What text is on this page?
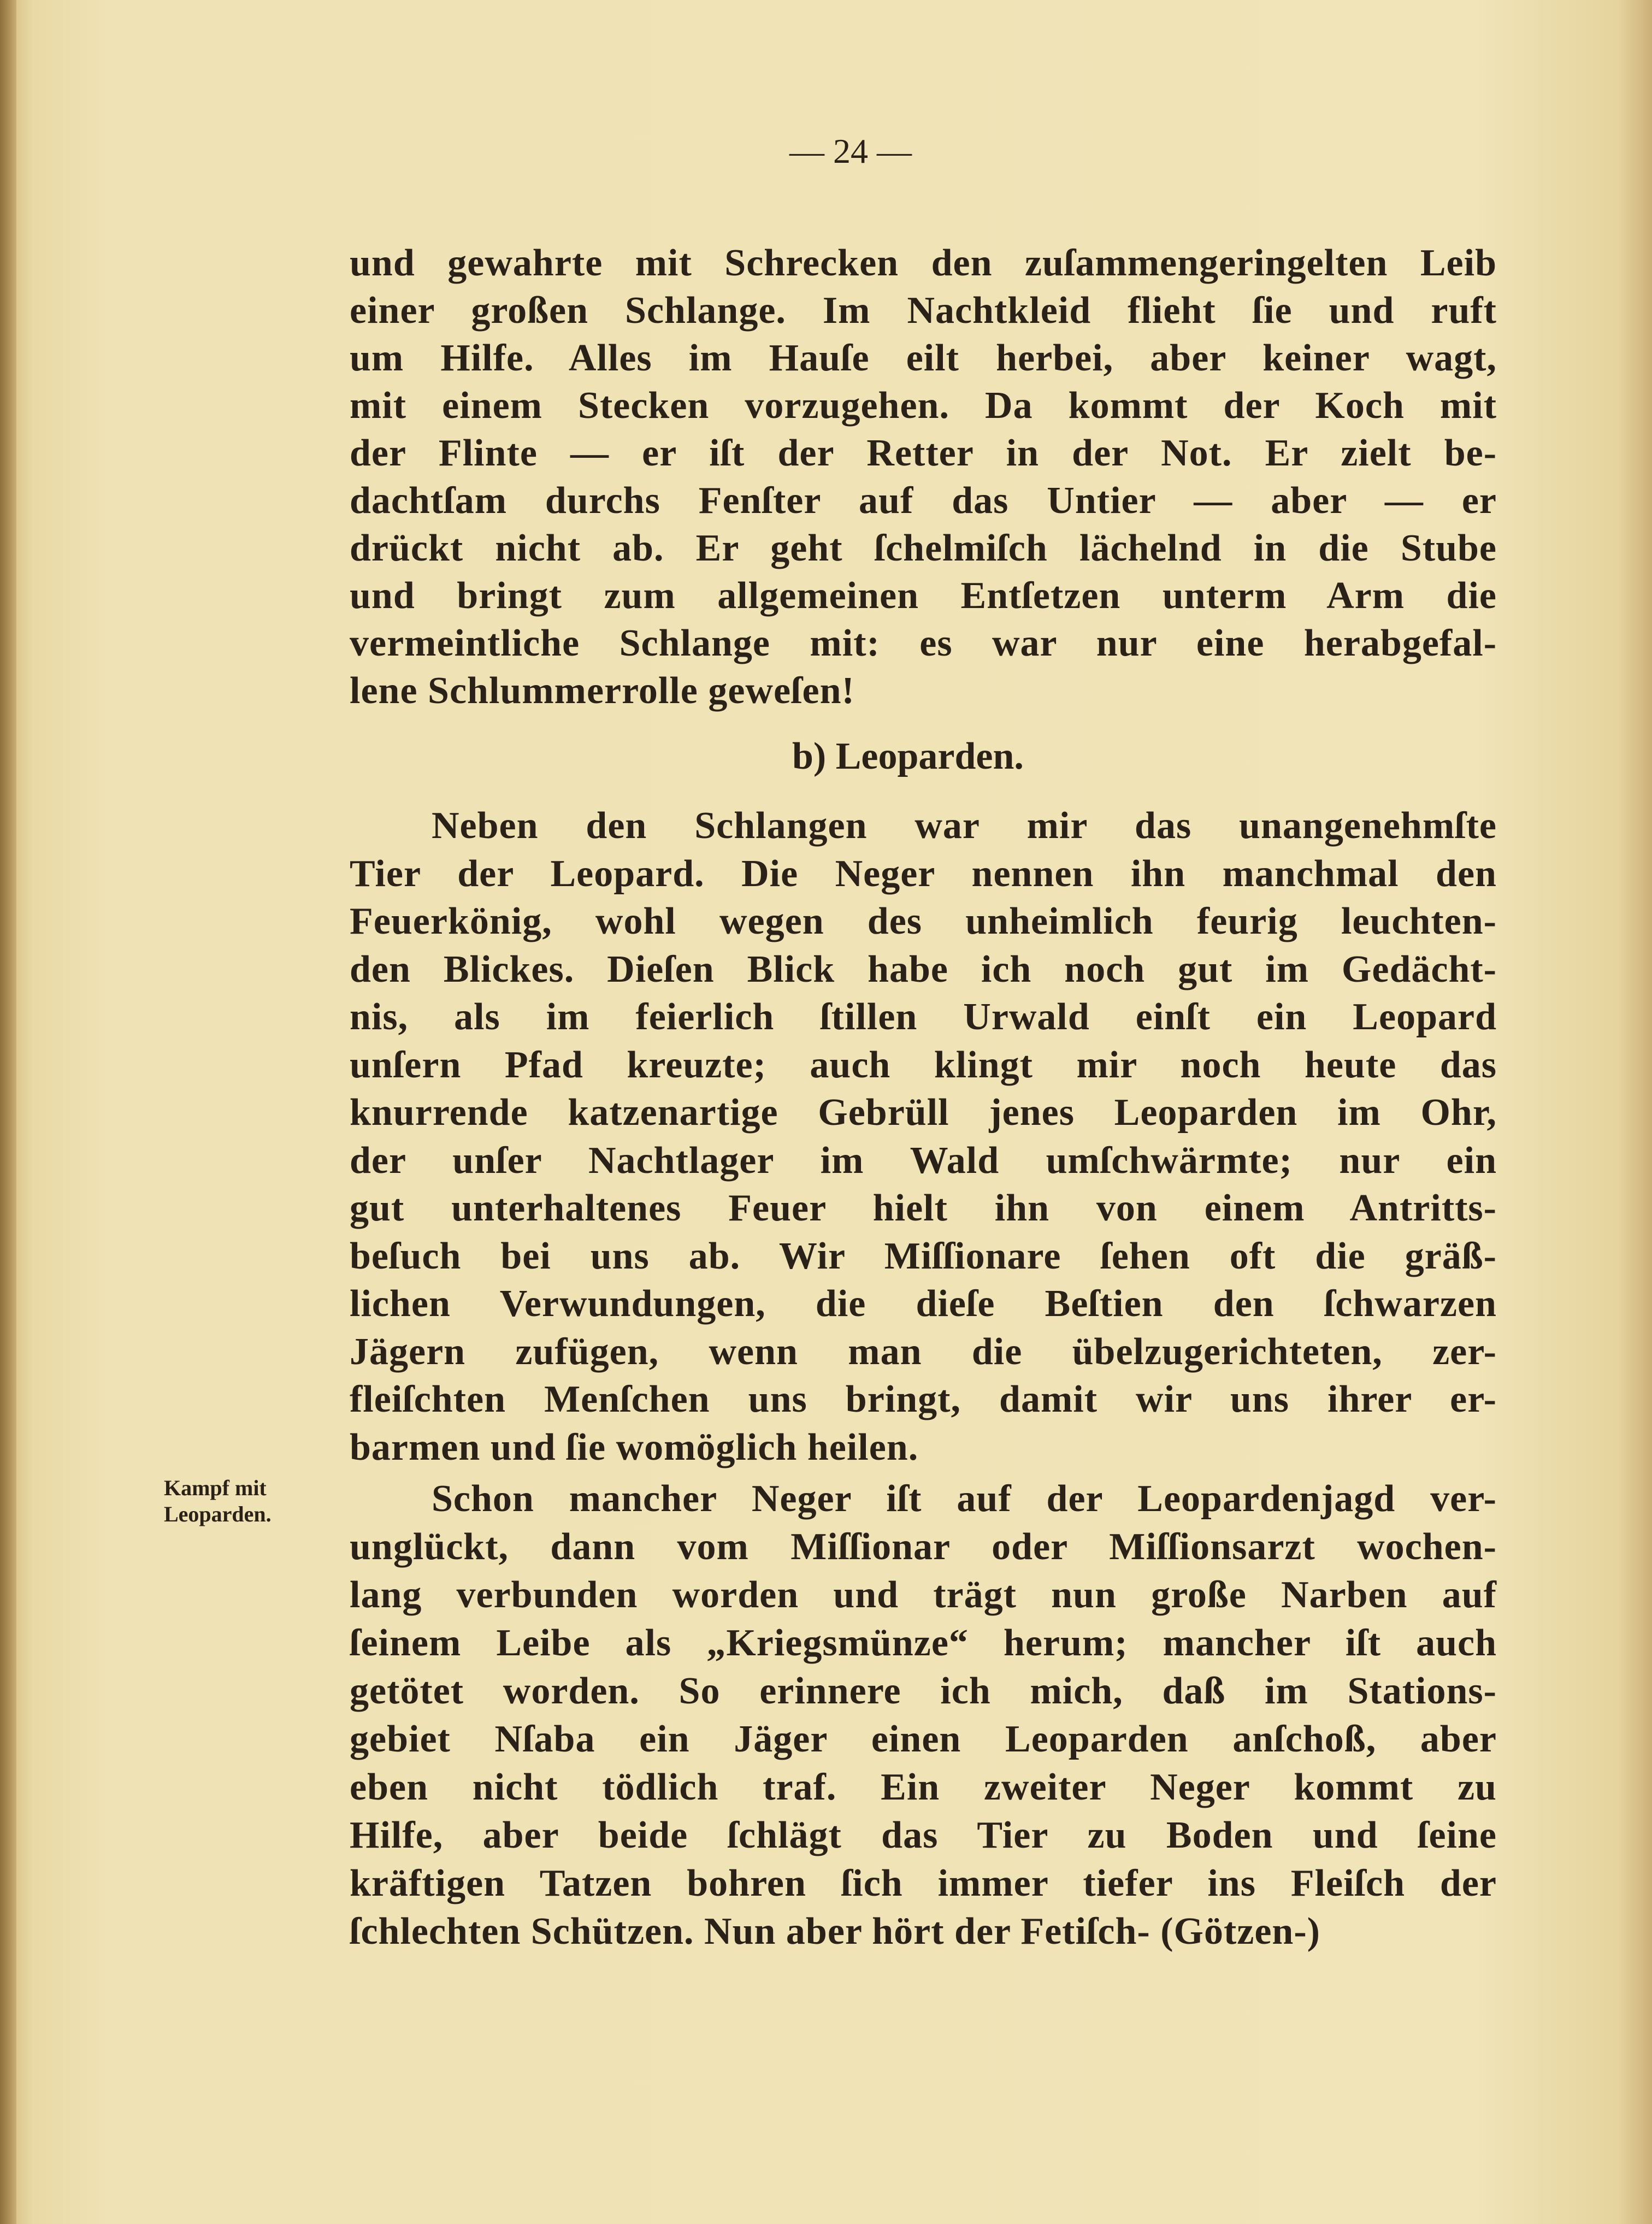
— 24 —
und gewahrte mit Schrecken den zuſammengeringelten Leib
einer großen Schlange. Im Nachtkleid flieht ſie und ruft
um Hilfe. Alles im Hauſe eilt herbei, aber keiner wagt,
mit einem Stecken vorzugehen. Da kommt der Koch mit
der Flinte — er iſt der Retter in der Not. Er zielt be-
dachtſam durchs Fenſter auf das Untier — aber — er
drückt nicht ab. Er geht ſchelmiſch lächelnd in die Stube
und bringt zum allgemeinen Entſetzen unterm Arm die
vermeintliche Schlange mit: es war nur eine herabgefal-
lene Schlummerrolle geweſen!
b) Leoparden.
Neben den Schlangen war mir das unangenehmſte
Tier der Leopard. Die Neger nennen ihn manchmal den
Feuerkönig, wohl wegen des unheimlich feurig leuchten-
den Blickes. Dieſen Blick habe ich noch gut im Gedächt-
nis, als im feierlich ſtillen Urwald einſt ein Leopard
unſern Pfad kreuzte; auch klingt mir noch heute das
knurrende katzenartige Gebrüll jenes Leoparden im Ohr,
der unſer Nachtlager im Wald umſchwärmte; nur ein
gut unterhaltenes Feuer hielt ihn von einem Antritts-
beſuch bei uns ab. Wir Miſſionare ſehen oft die gräß-
lichen Verwundungen, die dieſe Beſtien den ſchwarzen
Jägern zufügen, wenn man die übelzugerichteten, zer-
fleiſchten Menſchen uns bringt, damit wir uns ihrer er-
barmen und ſie womöglich heilen.
Kampf mit
Leoparden.	Schon mancher Neger iſt auf der Leopardenjagd ver-
unglückt, dann vom Miſſionar oder Miſſionsarzt wochen-
lang verbunden worden und trägt nun große Narben auf
ſeinem Leibe als „Kriegsmünze“ herum; mancher iſt auch
getötet worden. So erinnere ich mich, daß im Stations-
gebiet Nſaba ein Jäger einen Leoparden anſchoß, aber
eben nicht tödlich traf. Ein zweiter Neger kommt zu
Hilfe, aber beide ſchlägt das Tier zu Boden und ſeine
kräftigen Tatzen bohren ſich immer tiefer ins Fleiſch der
ſchlechten Schützen. Nun aber hört der Fetiſch- (Götzen-)
